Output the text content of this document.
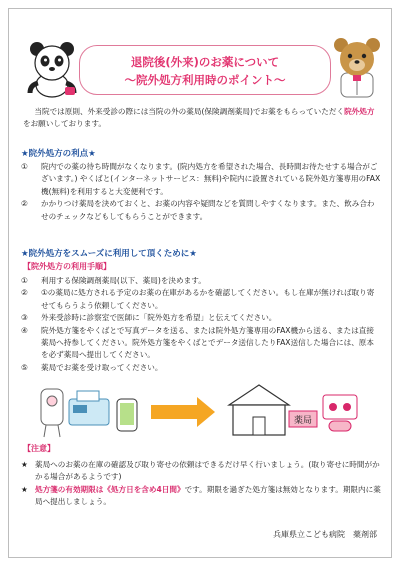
退院後(外来)のお薬について
〜院外処方利用時のポイント〜
当院では原則、外来受診の際には当院の外の薬局(保険調剤薬局)でお薬をもらっていただく院外処方をお願いしております。
★院外処方の利点★
①	院内での薬の待ち時間がなくなります。(院内処方を希望された場合、長時間お待たせする場合がございます。) やくばと(インターネットサービス：無料)や院内に設置されている院外処方箋専用のFAX機(無料)を利用すると大変便利です。
②	かかりつけ薬局を決めておくと、お薬の内容や疑問などを質問しやすくなります。また、飲み合わせのチェックなどもしてもらうことができます。
★院外処方をスムーズに利用して頂くために★
【院外処方の利用手順】
①	利用する保険調剤薬局(以下、薬局)を決めます。
②	①の薬局に処方される予定のお薬の在庫があるかを確認してください。もし在庫が無ければ取り寄せてもらうよう依頼してください。
③	外来受診時に診察室で医師に「院外処方を希望」と伝えてください。
④	院外処方箋をやくばとで写真データを送る、または院外処方箋専用のFAX機から送る、または直接薬局へ持参してください。院外処方箋をやくばとでデータ送信したりFAX送信した場合には、原本を必ず薬局へ提出してください。
⑤	薬局でお薬を受け取ってください。
薬局
【注意】
★ 薬局へのお薬の在庫の確認及び取り寄せの依頼はできるだけ早く行いましょう。(取り寄せに時間がかかる場合があるようです)
★ 処方箋の有効期限は《処方日を含め4日間》です。期限を過ぎた処方箋は無効となります。期限内に薬局へ提出しましょう。
兵庫県立こども病院　薬剤部
